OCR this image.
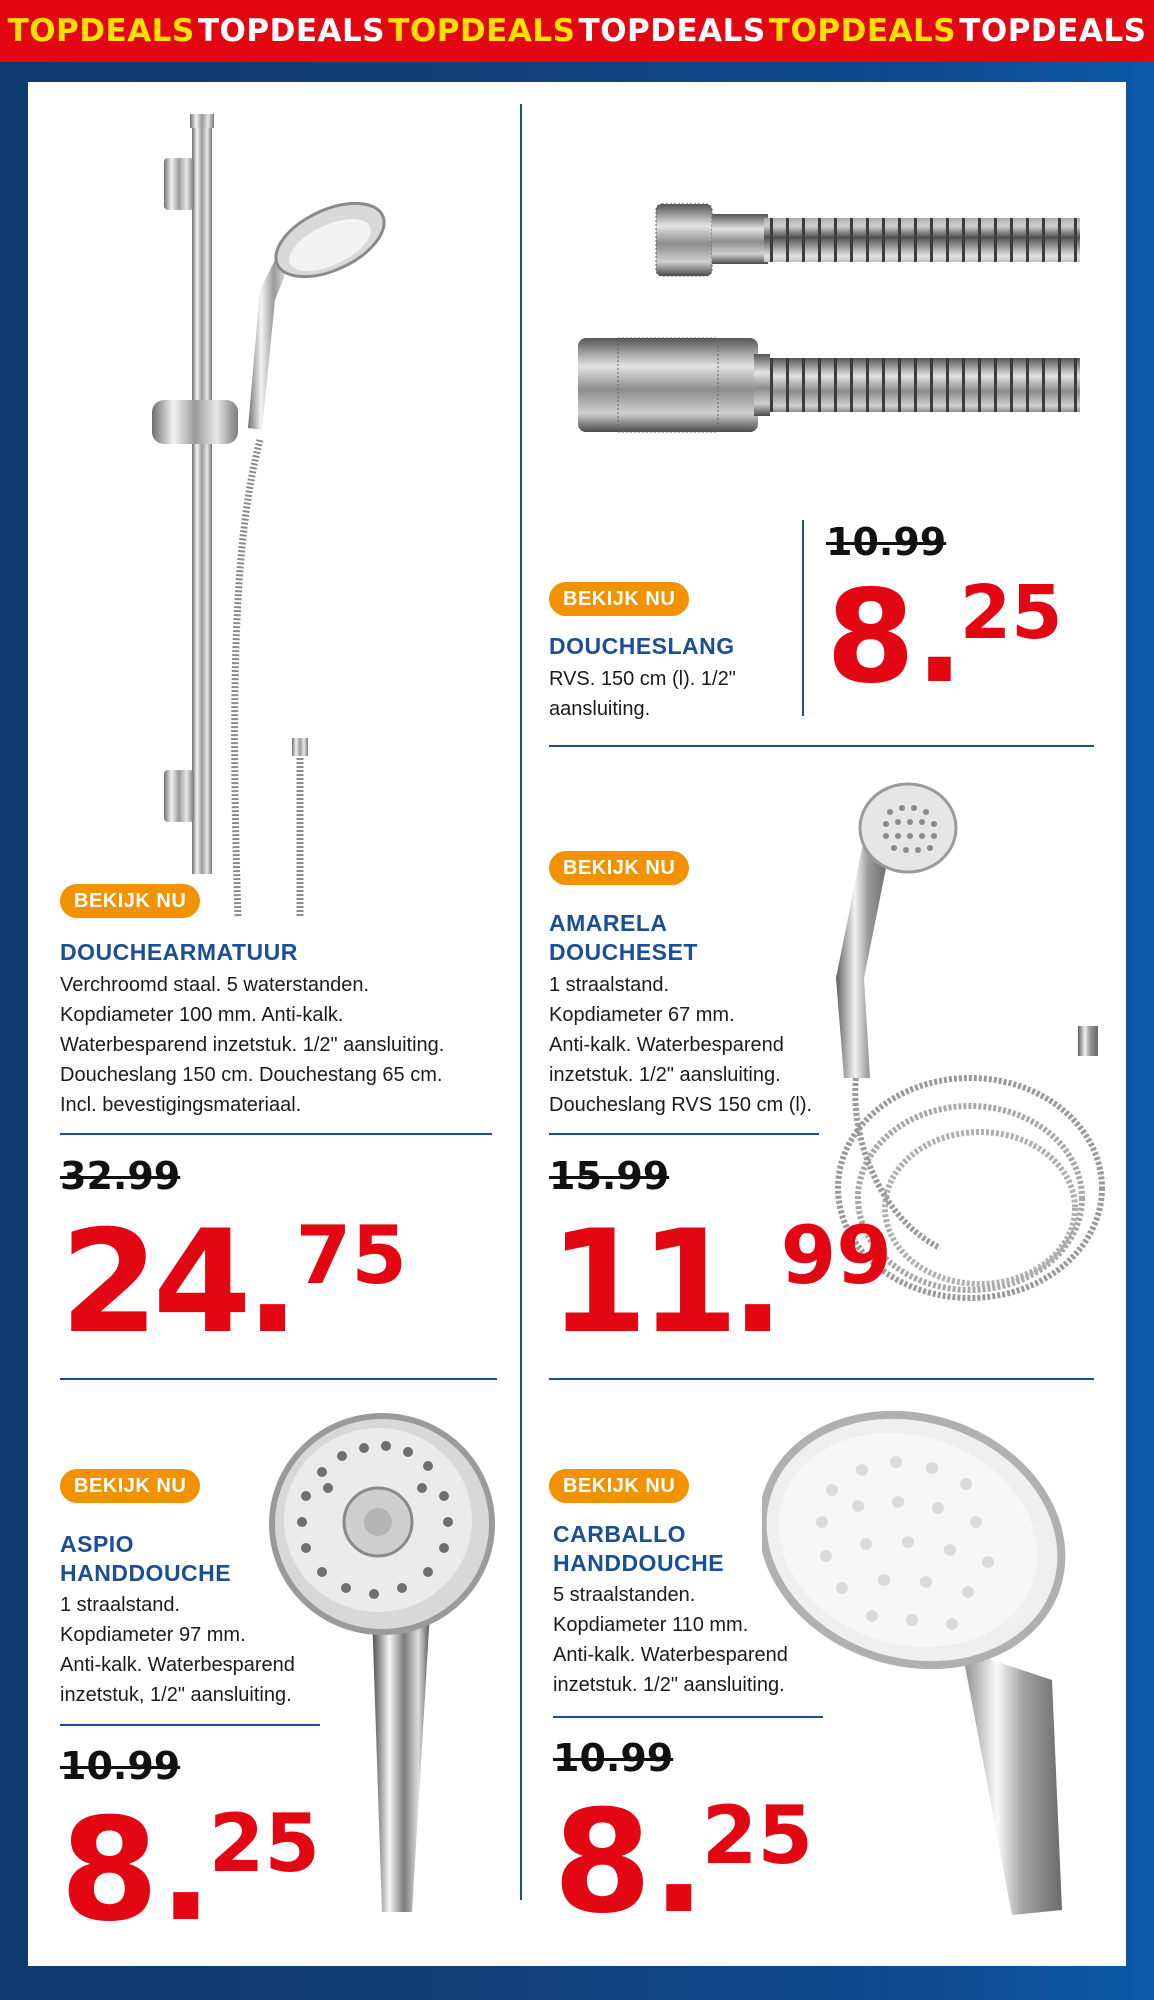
TOPDEALS TOPDEALS TOPDEALS TOPDEALS TOPDEALS TOPDEALS
BEKIJK NU
DOUCHEARMATUUR
Verchroomd staal. 5 waterstanden.
Kopdiameter 100 mm. Anti-kalk.
Waterbesparend inzetstuk. 1/2" aansluiting.
Doucheslang 150 cm. Douchestang 65 cm.
Incl. bevestigingsmateriaal.
32.99
24.75
BEKIJK NU
DOUCHESLANG
RVS. 150 cm (l). 1/2"
aansluiting.
10.99
8.25
BEKIJK NU
AMARELA
DOUCHESET
1 straalstand.
Kopdiameter 67 mm.
Anti-kalk. Waterbesparend
inzetstuk. 1/2" aansluiting.
Doucheslang RVS 150 cm (l).
15.99
11.99
BEKIJK NU
ASPIO
HANDDOUCHE
1 straalstand.
Kopdiameter 97 mm.
Anti-kalk. Waterbesparend
inzetstuk, 1/2" aansluiting.
10.99
8.25
BEKIJK NU
CARBALLO
HANDDOUCHE
5 straalstanden.
Kopdiameter 110 mm.
Anti-kalk. Waterbesparend
inzetstuk. 1/2" aansluiting.
10.99
8.25
